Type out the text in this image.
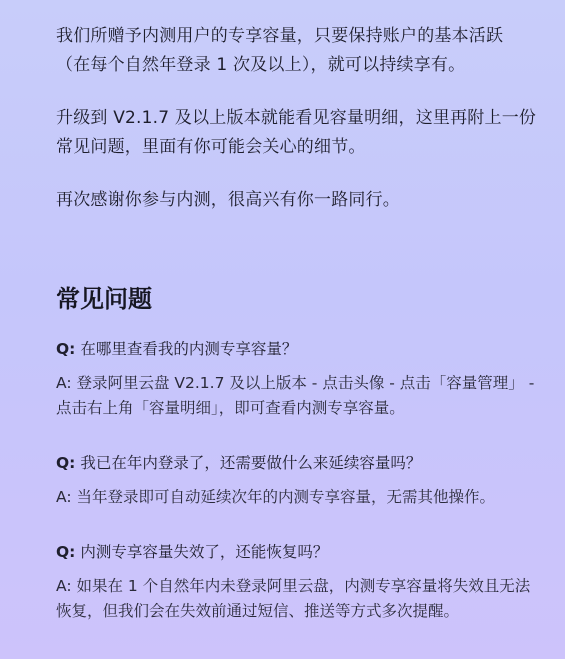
我们所赠予内测用户的专享容量，只要保持账户的基本活跃（在每个自然年登录 1 次及以上），就可以持续享有。

升级到 V2.1.7 及以上版本就能看见容量明细，这里再附上一份常见问题，里面有你可能会关心的细节。

再次感谢你参与内测，很高兴有你一路同行。

常见问题

Q: 在哪里查看我的内测专享容量？

A: 登录阿里云盘 V2.1.7 及以上版本 - 点击头像 - 点击「容量管理」 - 点击右上角「容量明细」，即可查看内测专享容量。

Q: 我已在年内登录了，还需要做什么来延续容量吗？

A: 当年登录即可自动延续次年的内测专享容量，无需其他操作。

Q: 内测专享容量失效了，还能恢复吗？

A: 如果在 1 个自然年内未登录阿里云盘，内测专享容量将失效且无法恢复，但我们会在失效前通过短信、推送等方式多次提醒。
